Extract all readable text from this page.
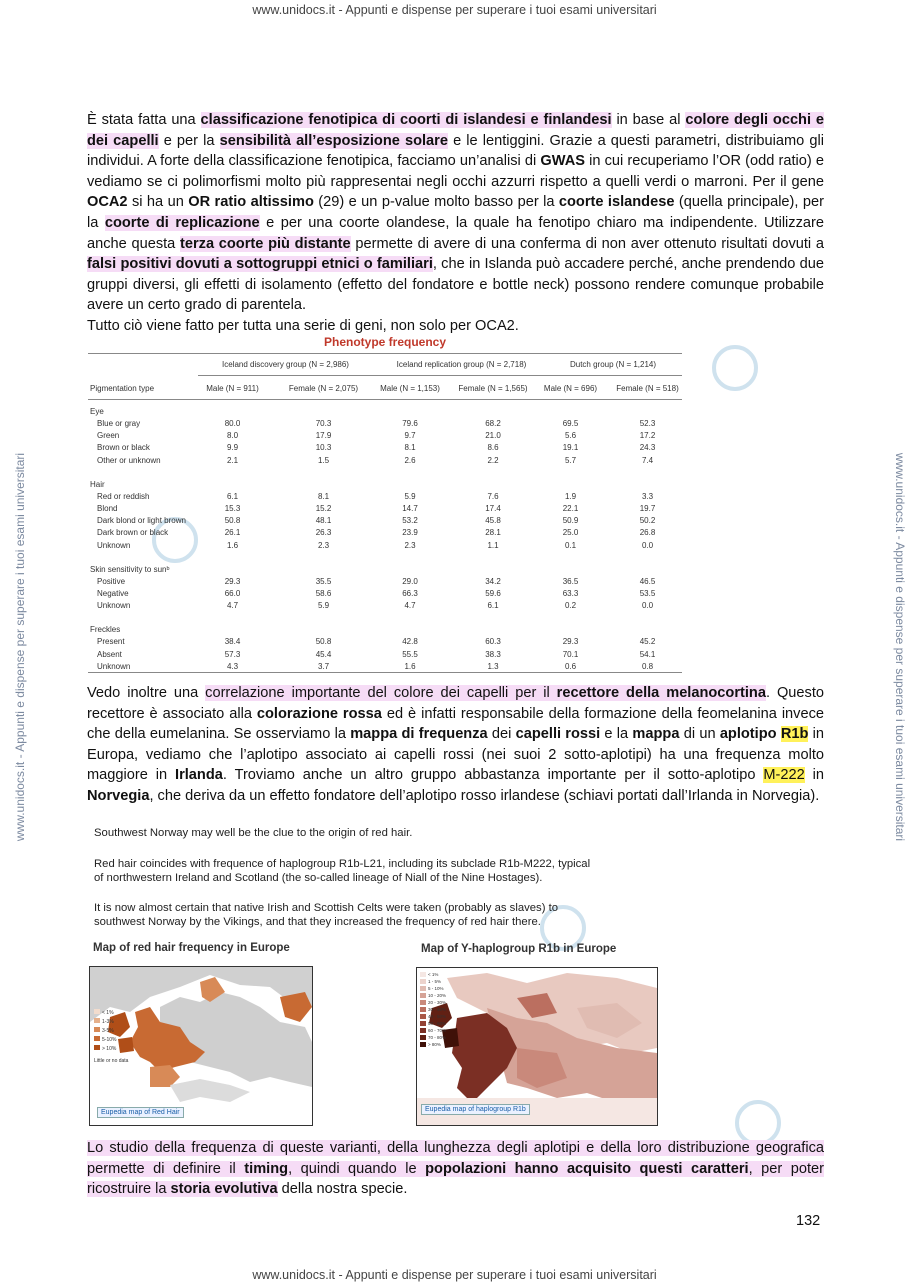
www.unidocs.it - Appunti e dispense per superare i tuoi esami universitari
www.unidocs.it - Appunti e dispense per superare i tuoi esami universitari	www.unidocs.it - Appunti e dispense per superare i tuoi esami universitari
È stata fatta una classificazione fenotipica di coorti di islandesi e finlandesi in base al colore degli occhi e dei capelli e per la sensibilità all’esposizione solare e le lentiggini. Grazie a questi parametri, distribuiamo gli individui. A forte della classificazione fenotipica, facciamo un’analisi di GWAS in cui recuperiamo l’OR (odd ratio) e vediamo se ci polimorfismi molto più rappresentai negli occhi azzurri rispetto a quelli verdi o marroni. Per il gene OCA2 si ha un OR ratio altissimo (29) e un p-value molto basso per la coorte islandese (quella principale), per la coorte di replicazione e per una coorte olandese, la quale ha fenotipo chiaro ma indipendente. Utilizzare anche questa terza coorte più distante permette di avere di una conferma di non aver ottenuto risultati dovuti a falsi positivi dovuti a sottogruppi etnici o familiari, che in Islanda può accadere perché, anche prendendo due gruppi diversi, gli effetti di isolamento (effetto del fondatore e bottle neck) possono rendere comunque probabile avere un certo grado di parentela.
Tutto ciò viene fatto per tutta una serie di geni, non solo per OCA2.
Phenotype frequency
Iceland discovery group (N = 2,986)	Iceland replication group (N = 2,718)	Dutch group (N = 1,214)
Pigmentation type	Male (N = 911)	Female (N = 2,075)	Male (N = 1,153)	Female (N = 1,565)	Male (N = 696)	Female (N = 518)
Eye
Blue or gray	80.0	70.3	79.6	68.2	69.5	52.3
Green	8.0	17.9	9.7	21.0	5.6	17.2
Brown or black	9.9	10.3	8.1	8.6	19.1	24.3
Other or unknown	2.1	1.5	2.6	2.2	5.7	7.4
Hair
Red or reddish	6.1	8.1	5.9	7.6	1.9	3.3
Blond	15.3	15.2	14.7	17.4	22.1	19.7
Dark blond or light brown	50.8	48.1	53.2	45.8	50.9	50.2
Dark brown or black	26.1	26.3	23.9	28.1	25.0	26.8
Unknown	1.6	2.3	2.3	1.1	0.1	0.0
Skin sensitivity to sunᵇ
Positive	29.3	35.5	29.0	34.2	36.5	46.5
Negative	66.0	58.6	66.3	59.6	63.3	53.5
Unknown	4.7	5.9	4.7	6.1	0.2	0.0
Freckles
Present	38.4	50.8	42.8	60.3	29.3	45.2
Absent	57.3	45.4	55.5	38.3	70.1	54.1
Unknown	4.3	3.7	1.6	1.3	0.6	0.8
Vedo inoltre una correlazione importante del colore dei capelli per il recettore della melanocortina. Questo recettore è associato alla colorazione rossa ed è infatti responsabile della formazione della feomelanina invece che della eumelanina. Se osserviamo la mappa di frequenza dei capelli rossi e la mappa di un aplotipo R1b in Europa, vediamo che l’aplotipo associato ai capelli rossi (nei suoi 2 sotto-aplotipi) ha una frequenza molto maggiore in Irlanda. Troviamo anche un altro gruppo abbastanza importante per il sotto-aplotipo M-222 in Norvegia, che deriva da un effetto fondatore dell’aplotipo rosso irlandese (schiavi portati dall’Irlanda in Norvegia).
Southwest Norway may well be the clue to the origin of red hair.
Red hair coincides with frequence of haplogroup R1b-L21, including its subclade R1b-M222, typical
of northwestern Ireland and Scotland (the so-called lineage of Niall of the Nine Hostages).
It is now almost certain that native Irish and Scottish Celts were taken (probably as slaves) to
southwest Norway by the Vikings, and that they increased the frequency of red hair there.
Map of red hair frequency in Europe	Map of Y-haplogroup R1b in Europe
< 1%
1-3%
3-5%
5-10%
> 10%
Little or no data
Eupedia map of Red Hair
< 1%
1 - 5%
5 - 10%
10 - 20%
20 - 30%
30 - 40%
40 - 50%
50 - 60%
60 - 70%
70 - 80%
> 80%
Eupedia map of haplogroup R1b
Lo studio della frequenza di queste varianti, della lunghezza degli aplotipi e della loro distribuzione geografica permette di definire il timing, quindi quando le popolazioni hanno acquisito questi caratteri, per poter ricostruire la storia evolutiva della nostra specie.
132
www.unidocs.it - Appunti e dispense per superare i tuoi esami universitari
